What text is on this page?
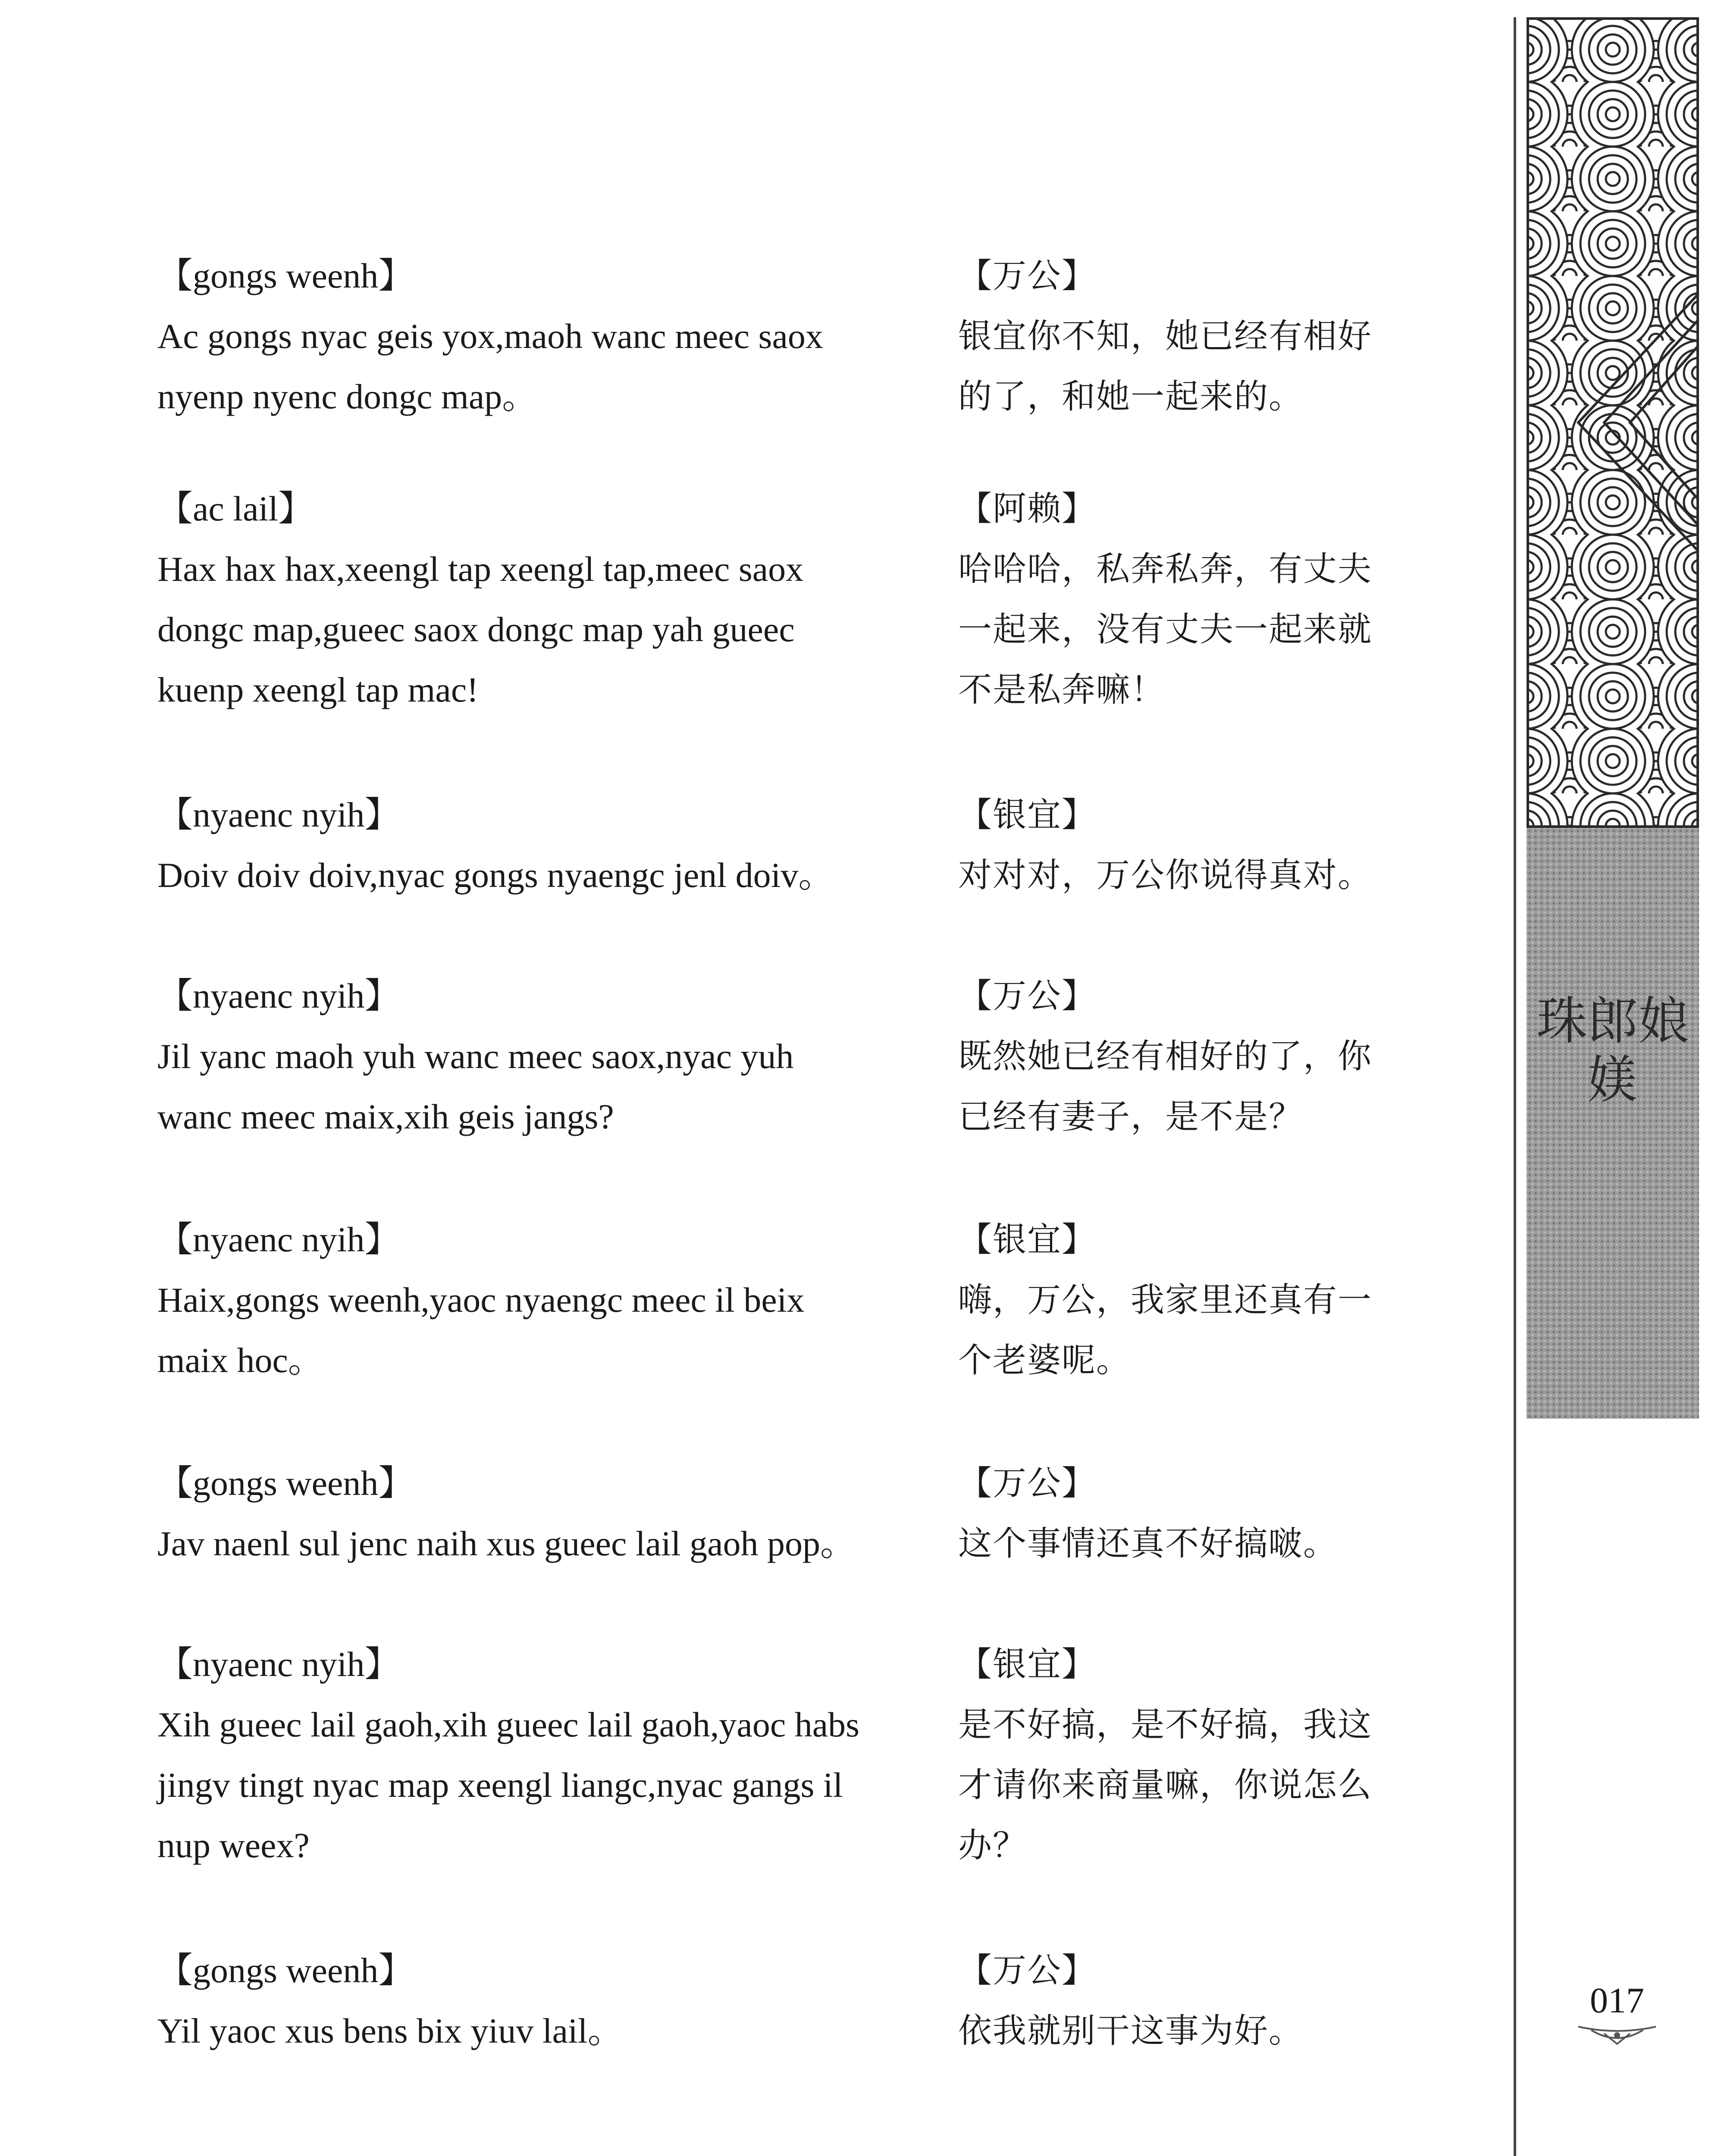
【gongs weenh】
Ac gongs nyac geis yox,maoh wanc meec saox
nyenp nyenc dongc map。
【万公】
银宜你不知，她已经有相好
的了，和她一起来的。
【ac lail】
Hax hax hax,xeengl tap xeengl tap,meec saox
dongc map,gueec saox dongc map yah gueec
kuenp xeengl tap mac!
【阿赖】
哈哈哈，私奔私奔，有丈夫
一起来，没有丈夫一起来就
不是私奔嘛！
【nyaenc nyih】
Doiv doiv doiv,nyac gongs nyaengc jenl doiv。
【银宜】
对对对，万公你说得真对。
【nyaenc nyih】
Jil yanc maoh yuh wanc meec saox,nyac yuh
wanc meec maix,xih geis jangs?
【万公】
既然她已经有相好的了，你
已经有妻子，是不是？
【nyaenc nyih】
Haix,gongs weenh,yaoc nyaengc meec il beix
maix hoc。
【银宜】
嗨，万公，我家里还真有一
个老婆呢。
【gongs weenh】
Jav naenl sul jenc naih xus gueec lail gaoh pop。
【万公】
这个事情还真不好搞啵。
【nyaenc nyih】
Xih gueec lail gaoh,xih gueec lail gaoh,yaoc habs
jingv tingt nyac map xeengl liangc,nyac gangs il
nup weex?
【银宜】
是不好搞，是不好搞，我这
才请你来商量嘛，你说怎么
办？
【gongs weenh】
Yil yaoc xus bens bix yiuv lail。
【万公】
依我就别干这事为好。
珠郎娘媄
017
